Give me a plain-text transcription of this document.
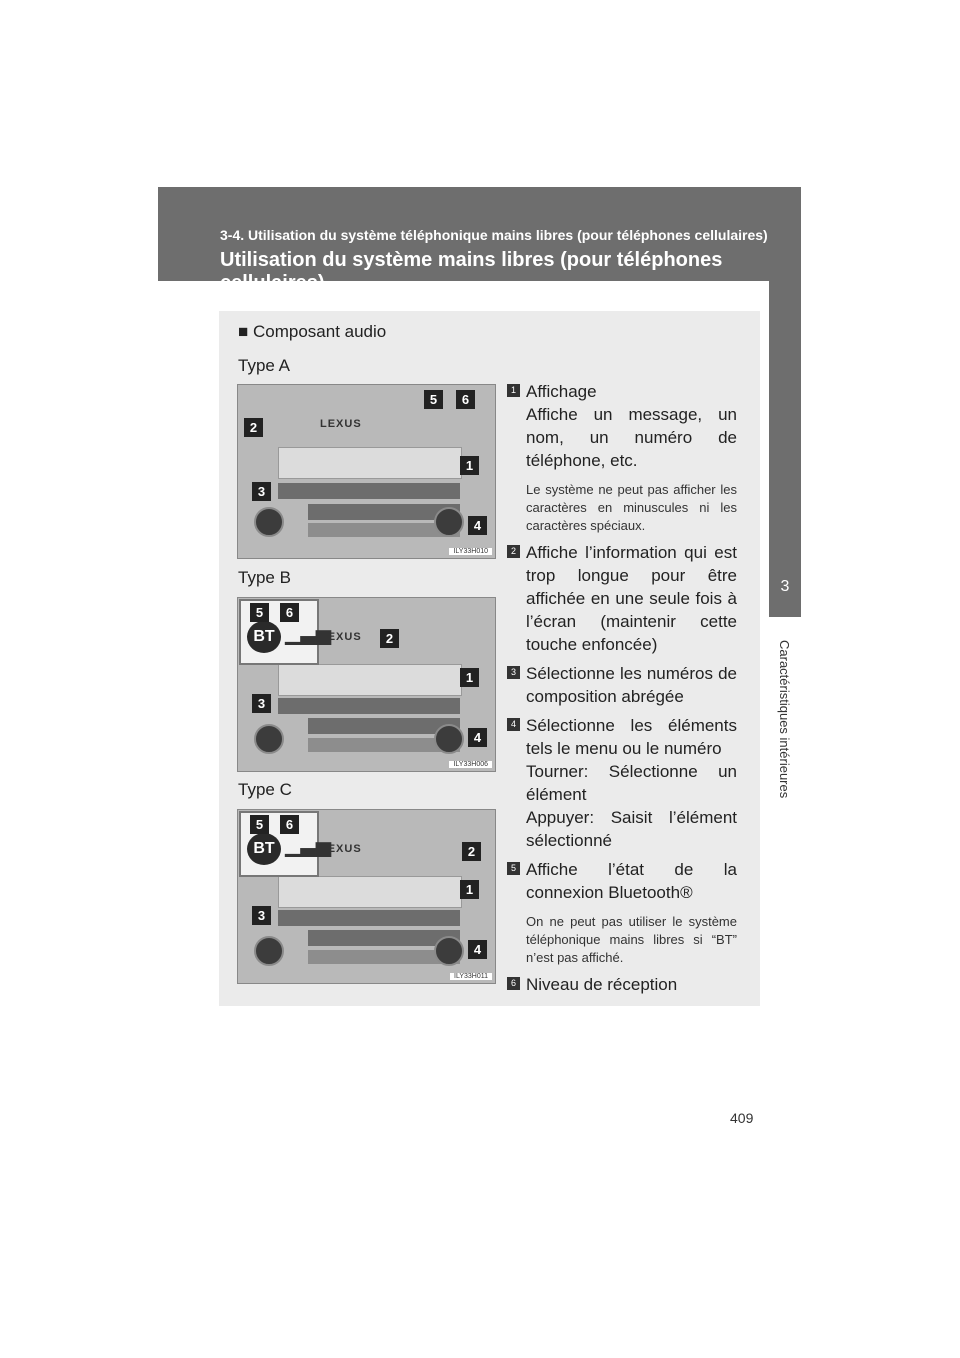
3-4. Utilisation du système téléphonique mains libres (pour téléphones cellulaires)
Utilisation du système mains libres (pour téléphones cellulaires)
3
Caractéristiques intérieures
■ Composant audio
Type A
LEXUS
ILY33H010
5	6
2
1
3
4
Type B
LEXUS
ILY33H006
BT ▁▃▅
5	6
2
1
3
4
Type C
LEXUS
ILY33H011
BT ▁▃▅
5	6
2
1
3
4
1 Affichage
Affiche un message, un nom, un numéro de téléphone, etc.
Le système ne peut pas afficher les caractères en minuscules ni les caractères spéciaux.
2 Affiche l’information qui est trop longue pour être affichée en une seule fois à l’écran (maintenir cette touche enfoncée)
3 Sélectionne les numéros de composition abrégée
4 Sélectionne les éléments tels le menu ou le numéro
Tourner: Sélectionne un élément
Appuyer: Saisit l’élément sélectionné
5 Affiche l’état de la connexion Bluetooth®
On ne peut pas utiliser le système téléphonique mains libres si “BT” n’est pas affiché.
6 Niveau de réception
409
